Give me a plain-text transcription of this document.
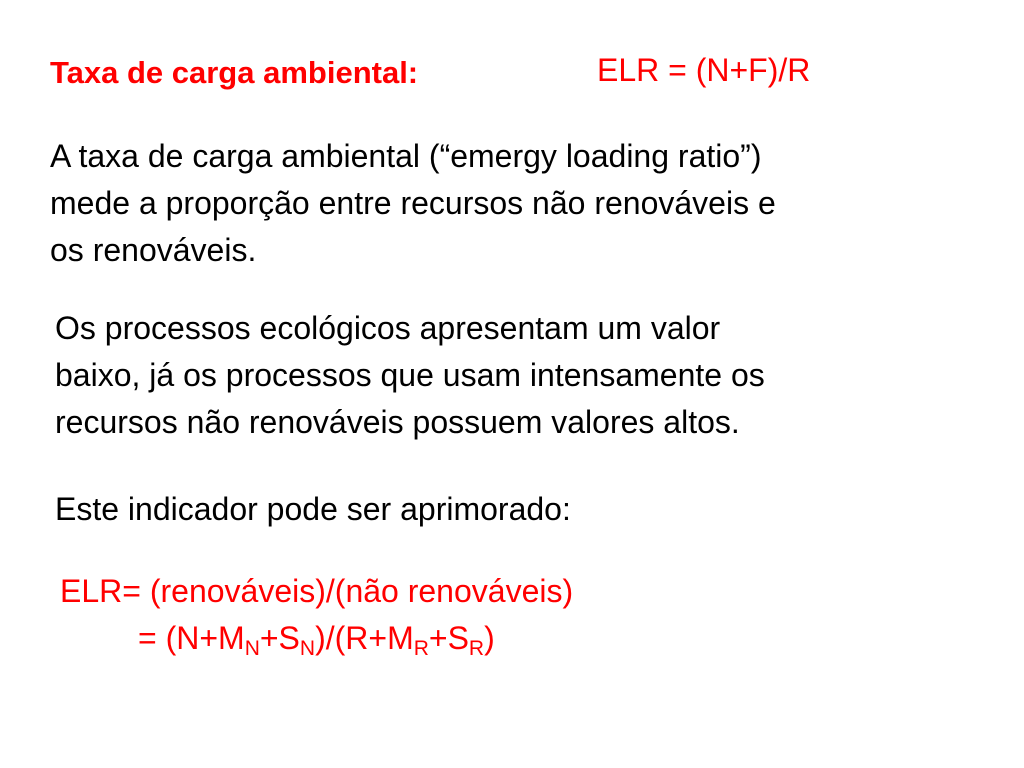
Taxa de carga ambiental:	ELR = (N+F)/R

A taxa de carga ambiental (“emergy loading ratio”)
mede a proporção entre recursos não renováveis e
os renováveis.

Os processos ecológicos apresentam um valor
baixo, já os processos que usam intensamente os
recursos não renováveis possuem valores altos.

Este indicador pode ser aprimorado:

ELR= (renováveis)/(não renováveis)
= $(N+M_N+S_N)/(R+M_R+S_R)$
